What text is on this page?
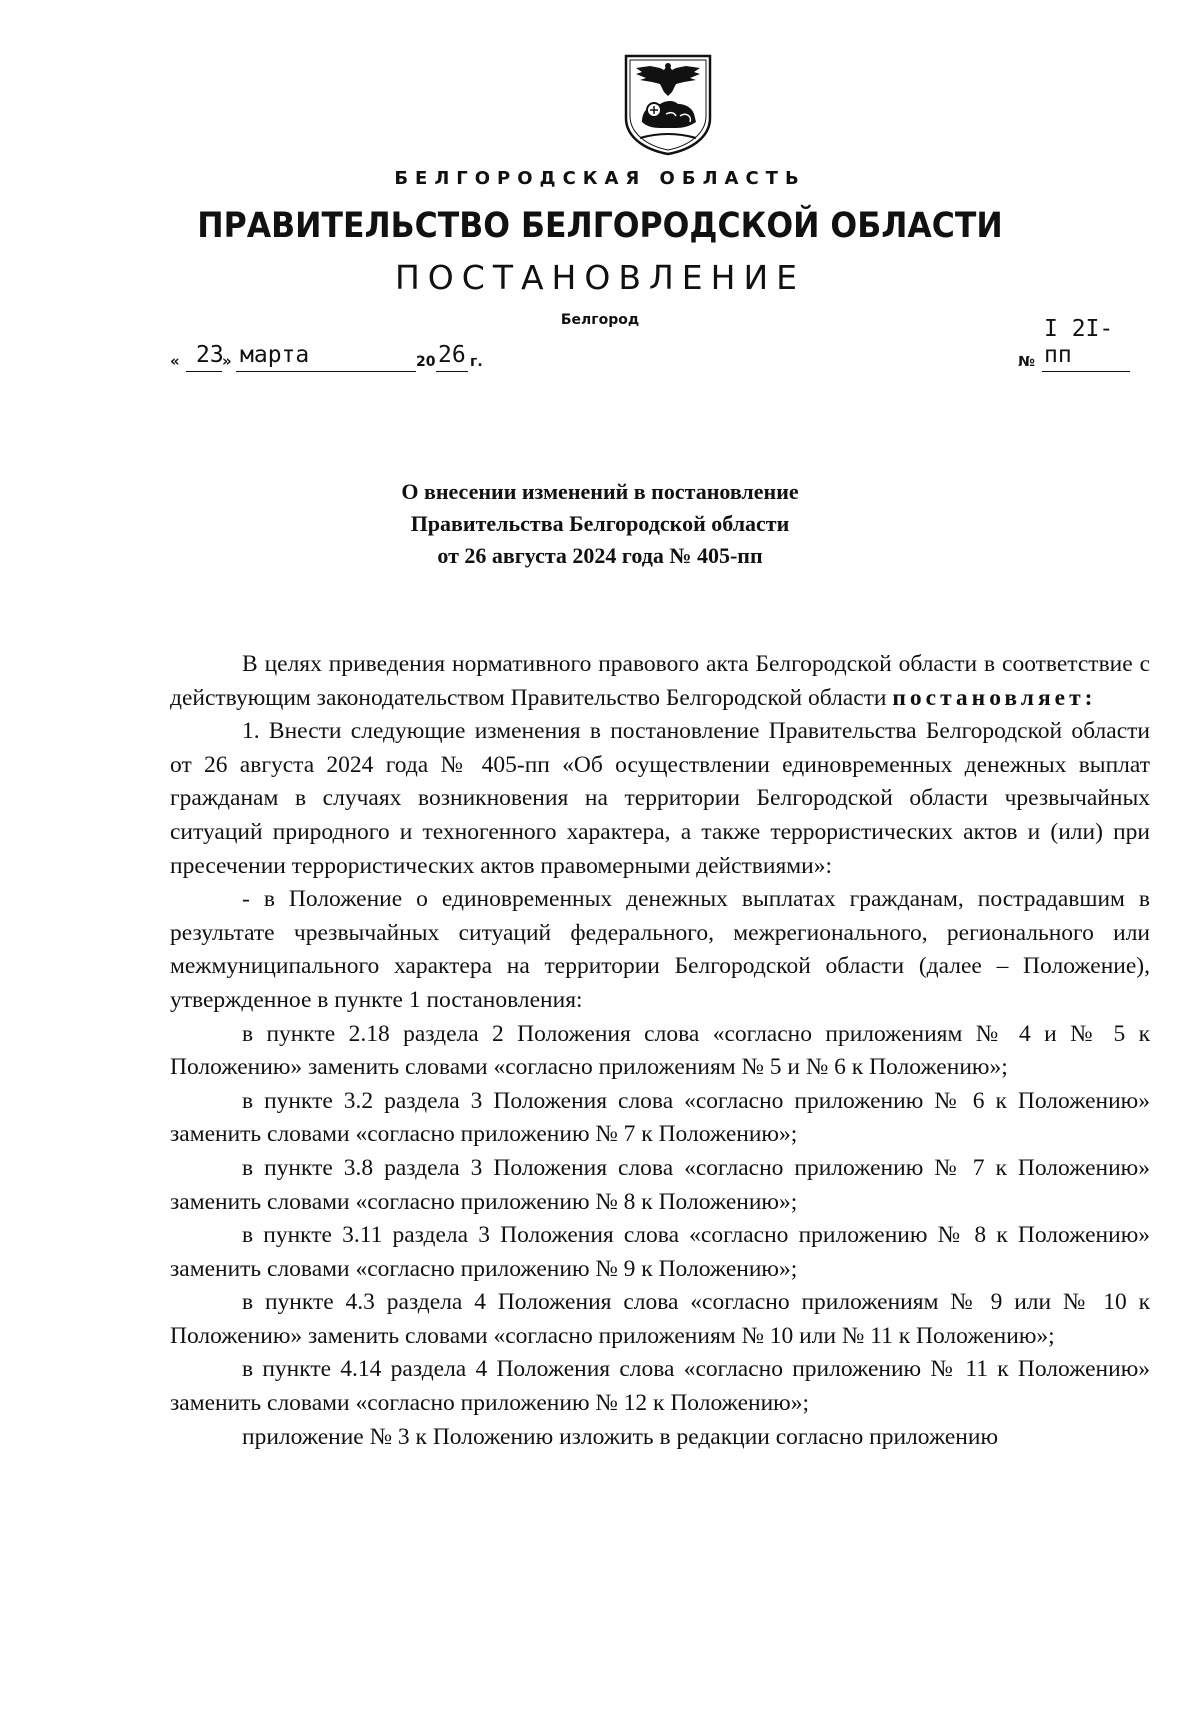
БЕЛГОРОДСКАЯ ОБЛАСТЬ
ПРАВИТЕЛЬСТВО БЕЛГОРОДСКОЙ ОБЛАСТИ
ПОСТАНОВЛЕНИЕ
Белгород
« 23
» марта	20 26 г.	№
I 2I-пп
О внесении изменений в постановление
Правительства Белгородской области
от 26 августа 2024 года № 405-пп

В целях приведения нормативного правового акта Белгородской области в соответствие с действующим законодательством Правительство Белгородской области постановляет:

1. Внести следующие изменения в постановление Правительства Белгородской области от 26 августа 2024 года № 405-пп «Об осуществлении единовременных денежных выплат гражданам в случаях возникновения на территории Белгородской области чрезвычайных ситуаций природного и техногенного характера, а также террористических актов и (или) при пресечении террористических актов правомерными действиями»:

- в Положение о единовременных денежных выплатах гражданам, пострадавшим в результате чрезвычайных ситуаций федерального, межрегионального, регионального или межмуниципального характера на территории Белгородской области (далее – Положение), утвержденное в пункте 1 постановления:

в пункте 2.18 раздела 2 Положения слова «согласно приложениям № 4 и № 5 к Положению» заменить словами «согласно приложениям № 5 и № 6 к Положению»;

в пункте 3.2 раздела 3 Положения слова «согласно приложению № 6 к Положению» заменить словами «согласно приложению № 7 к Положению»;

в пункте 3.8 раздела 3 Положения слова «согласно приложению № 7 к Положению» заменить словами «согласно приложению № 8 к Положению»;

в пункте 3.11 раздела 3 Положения слова «согласно приложению № 8 к Положению» заменить словами «согласно приложению № 9 к Положению»;

в пункте 4.3 раздела 4 Положения слова «согласно приложениям № 9 или № 10 к Положению» заменить словами «согласно приложениям № 10 или № 11 к Положению»;

в пункте 4.14 раздела 4 Положения слова «согласно приложению № 11 к Положению» заменить словами «согласно приложению № 12 к Положению»;

приложение № 3 к Положению изложить в редакции согласно приложению
